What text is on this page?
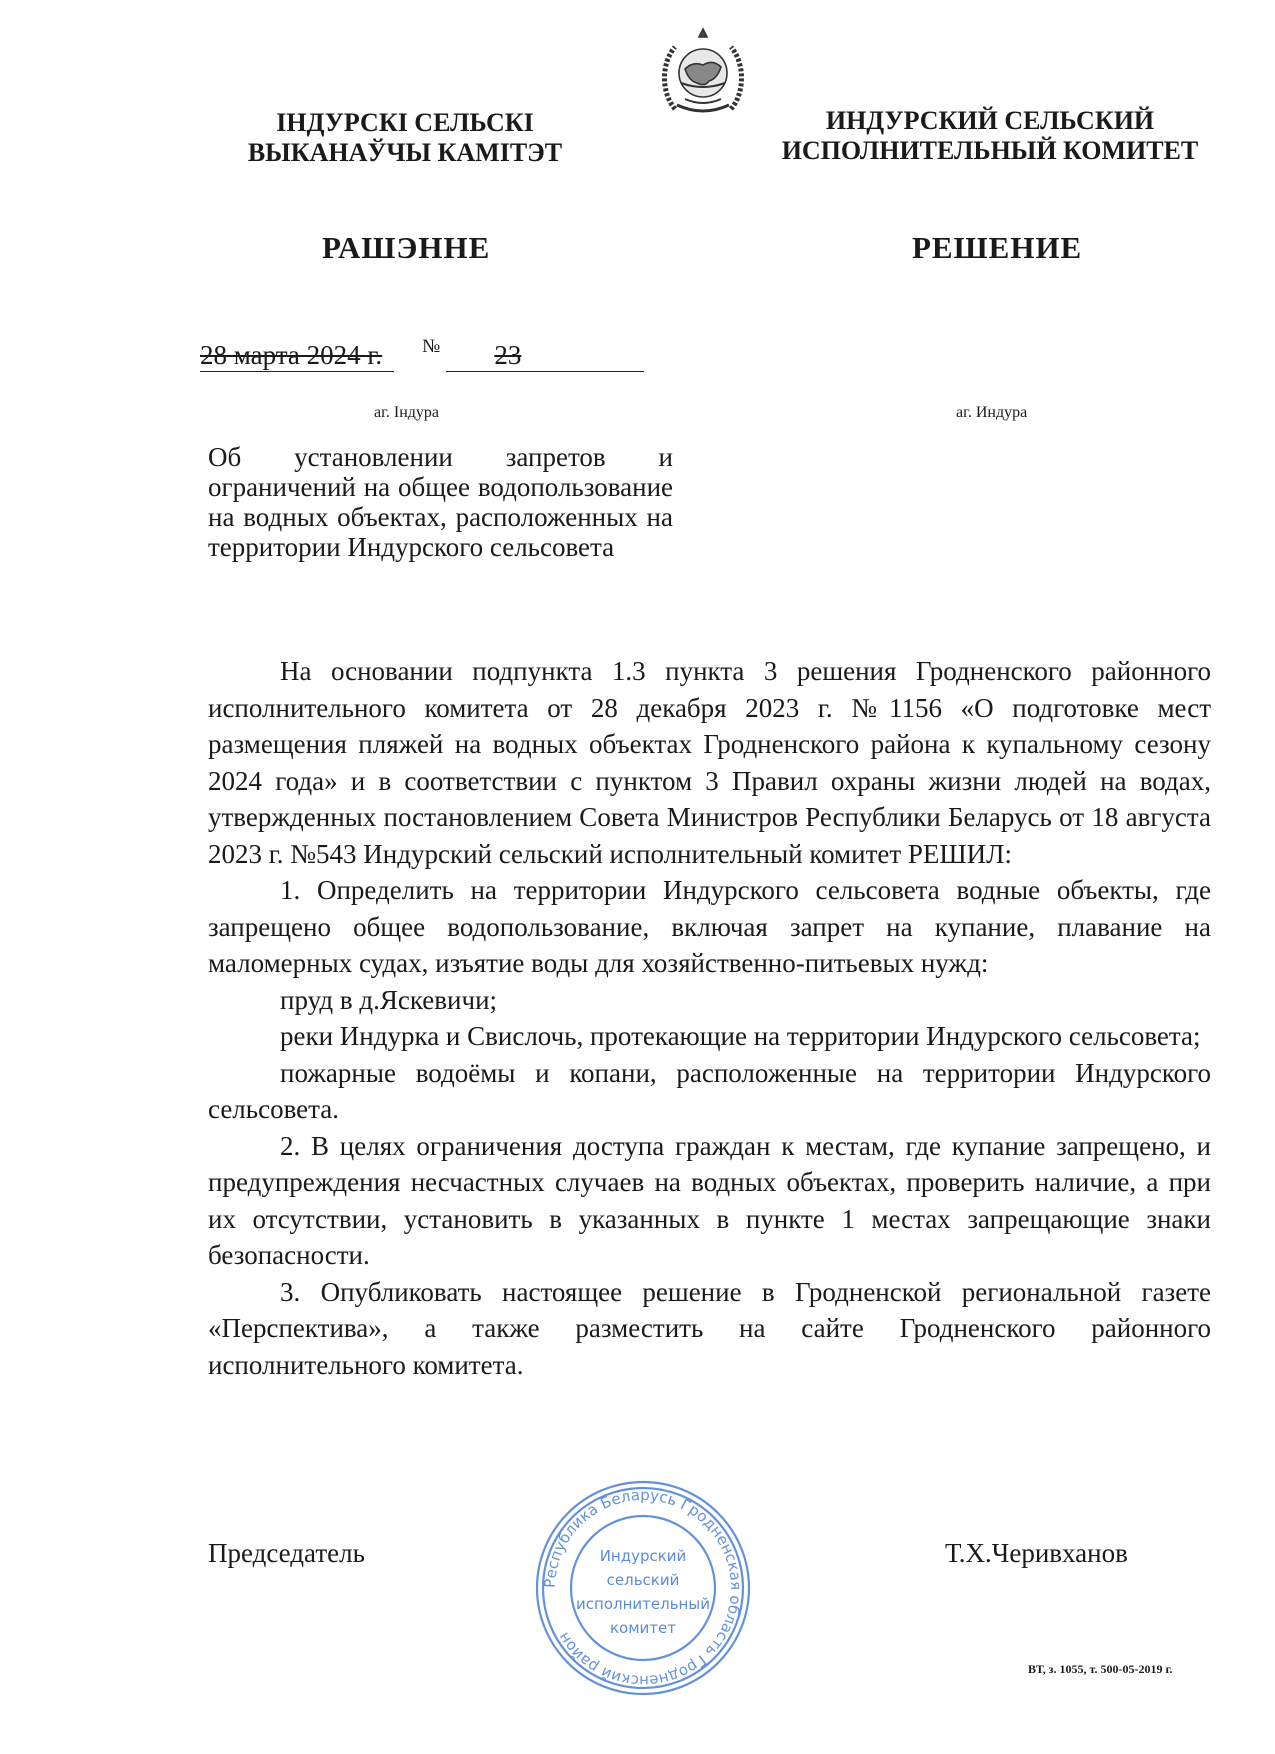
ІНДУРСКІ СЕЛЬСКІ
ВЫКАНАЎЧЫ КАМІТЭТ
ИНДУРСКИЙ СЕЛЬСКИЙ
ИСПОЛНИТЕЛЬНЫЙ КОМИТЕТ
РАШЭННЕ	РЕШЕНИЕ
28 марта 2024 г. № 23
аг. Індура	аг. Индура
Об установлении запретов и ограничений на общее водопользование на водных объектах, расположенных на территории Индурского сельсовета

На основании подпункта 1.3 пункта 3 решения Гродненского районного исполнительного комитета от 28 декабря 2023 г. №1156 «О подготовке мест размещения пляжей на водных объектах Гродненского района к купальному сезону 2024 года» и в соответствии с пунктом 3 Правил охраны жизни людей на водах, утвержденных постановлением Совета Министров Республики Беларусь от 18 августа 2023 г. №543 Индурский сельский исполнительный комитет РЕШИЛ:

1. Определить на территории Индурского сельсовета водные объекты, где запрещено общее водопользование, включая запрет на купание, плавание на маломерных судах, изъятие воды для хозяйственно-питьевых нужд:

пруд в д.Яскевичи;

реки Индурка и Свислочь, протекающие на территории Индурского сельсовета;

пожарные водоёмы и копани, расположенные на территории Индурского сельсовета.

2. В целях ограничения доступа граждан к местам, где купание запрещено, и предупреждения несчастных случаев на водных объектах, проверить наличие, а при их отсутствии, установить в указанных в пункте 1 местах запрещающие знаки безопасности.

3. Опубликовать настоящее решение в Гродненской региональной газете «Перспектива», а также разместить на сайте Гродненского районного исполнительного комитета.

Председатель	Т.Х.Черивханов
Республика Беларусь Гродненская область Гродненский район
Индурский
сельский
исполнительный
комитет
ВТ, з. 1055, т. 500-05-2019 г.
